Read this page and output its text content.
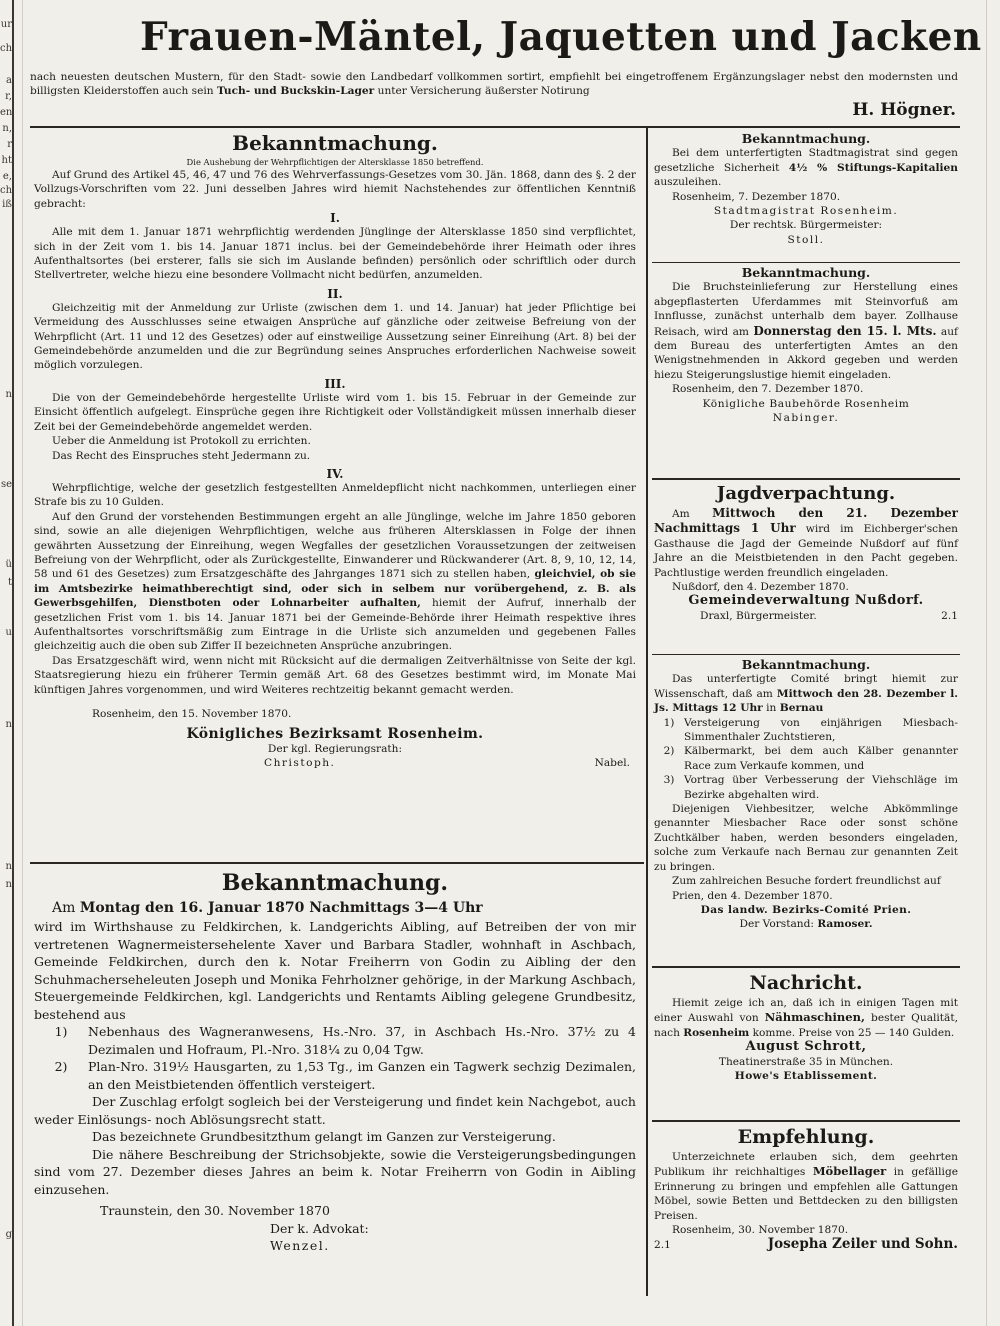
ur
ch
a
r,
en
n,
r
ht
e,
ch
iß
n
se
ü
t
u
n
n
n
g
Frauen-Mäntel, Jaquetten und Jacken
nach neuesten deutschen Mustern, für den Stadt- sowie den Landbedarf vollkommen sortirt, empfiehlt bei eingetroffenem Ergänzungslager nebst den modernsten und billigsten Kleiderstoffen auch sein Tuch- und Buckskin-Lager unter Versicherung äußerster Notirung
H. Högner.
Bekanntmachung.
Die Aushebung der Wehrpflichtigen der Altersklasse 1850 betreffend.

Auf Grund des Artikel 45, 46, 47 und 76 des Wehrverfassungs-Gesetzes vom 30. Jän. 1868, dann des §. 2 der Vollzugs-Vorschriften vom 22. Juni desselben Jahres wird hiemit Nachstehendes zur öffentlichen Kenntniß gebracht:

I.

Alle mit dem 1. Januar 1871 wehrpflichtig werdenden Jünglinge der Altersklasse 1850 sind verpflichtet, sich in der Zeit vom 1. bis 14. Januar 1871 inclus. bei der Gemeindebehörde ihrer Heimath oder ihres Aufenthaltsortes (bei ersterer, falls sie sich im Auslande befinden) persönlich oder schriftlich oder durch Stellvertreter, welche hiezu eine besondere Vollmacht nicht bedürfen, anzumelden.

II.

Gleichzeitig mit der Anmeldung zur Urliste (zwischen dem 1. und 14. Januar) hat jeder Pflichtige bei Vermeidung des Ausschlusses seine etwaigen Ansprüche auf gänzliche oder zeitweise Befreiung von der Wehrpflicht (Art. 11 und 12 des Gesetzes) oder auf einstweilige Aussetzung seiner Einreihung (Art. 8) bei der Gemeindebehörde anzumelden und die zur Begründung seines Anspruches erforderlichen Nachweise soweit möglich vorzulegen.

III.

Die von der Gemeindebehörde hergestellte Urliste wird vom 1. bis 15. Februar in der Gemeinde zur Einsicht öffentlich aufgelegt. Einsprüche gegen ihre Richtigkeit oder Vollständigkeit müssen innerhalb dieser Zeit bei der Gemeindebehörde angemeldet werden.

Ueber die Anmeldung ist Protokoll zu errichten.

Das Recht des Einspruches steht Jedermann zu.

IV.

Wehrpflichtige, welche der gesetzlich festgestellten Anmeldepflicht nicht nachkommen, unterliegen einer Strafe bis zu 10 Gulden.

Auf den Grund der vorstehenden Bestimmungen ergeht an alle Jünglinge, welche im Jahre 1850 geboren sind, sowie an alle diejenigen Wehrpflichtigen, welche aus früheren Altersklassen in Folge der ihnen gewährten Aussetzung der Einreihung, wegen Wegfalles der gesetzlichen Voraussetzungen der zeitweisen Befreiung von der Wehrpflicht, oder als Zurückgestellte, Einwanderer und Rückwanderer (Art. 8, 9, 10, 12, 14, 58 und 61 des Gesetzes) zum Ersatzgeschäfte des Jahrganges 1871 sich zu stellen haben, gleichviel, ob sie im Amtsbezirke heimathberechtigt sind, oder sich in selbem nur vorübergehend, z. B. als Gewerbsgehilfen, Dienstboten oder Lohnarbeiter aufhalten, hiemit der Aufruf, innerhalb der gesetzlichen Frist vom 1. bis 14. Januar 1871 bei der Gemeinde-Behörde ihrer Heimath respektive ihres Aufenthaltsortes vorschriftsmäßig zum Eintrage in die Urliste sich anzumelden und gegebenen Falles gleichzeitig auch die oben sub Ziffer II bezeichneten Ansprüche anzubringen.

Das Ersatzgeschäft wird, wenn nicht mit Rücksicht auf die dermaligen Zeitverhältnisse von Seite der kgl. Staatsregierung hiezu ein früherer Termin gemäß Art. 68 des Gesetzes bestimmt wird, im Monate Mai künftigen Jahres vorgenommen, und wird Weiteres rechtzeitig bekannt gemacht werden.

Rosenheim, den 15. November 1870.

Königliches Bezirksamt Rosenheim.
Der kgl. Regierungsrath:
Christoph.	Nabel.
Bekanntmachung.

Am Montag den 16. Januar 1870 Nachmittags 3—4 Uhr

wird im Wirthshause zu Feldkirchen, k. Landgerichts Aibling, auf Betreiben der von mir vertretenen Wagnermeistersehelente Xaver und Barbara Stadler, wohnhaft in Aschbach, Gemeinde Feldkirchen, durch den k. Notar Freiherrn von Godin zu Aibling der den Schuhmacherseheleuten Joseph und Monika Fehrholzner gehörige, in der Markung Aschbach, Steuergemeinde Feldkirchen, kgl. Landgerichts und Rentamts Aibling gelegene Grundbesitz, bestehend aus

1)	Nebenhaus des Wagneranwesens, Hs.-Nro. 37, in Aschbach Hs.-Nro. 37½ zu 4 Dezimalen und Hofraum, Pl.-Nro. 318¼ zu 0,04 Tgw.
2)	Plan-Nro. 319½ Hausgarten, zu 1,53 Tg., im Ganzen ein Tagwerk sechzig Dezimalen, an den Meistbietenden öffentlich versteigert.

Der Zuschlag erfolgt sogleich bei der Versteigerung und findet kein Nachgebot, auch weder Einlösungs- noch Ablösungsrecht statt.

Das bezeichnete Grundbesitzthum gelangt im Ganzen zur Versteigerung.

Die nähere Beschreibung der Strichsobjekte, sowie die Versteigerungsbedingungen sind vom 27. Dezember dieses Jahres an beim k. Notar Freiherrn von Godin in Aibling einzusehen.

Traunstein, den 30. November 1870

Der k. Advokat:

Wenzel.

Bekanntmachung.

Bei dem unterfertigten Stadtmagistrat sind gegen gesetzliche Sicherheit 4½ % Stiftungs-Kapitalien auszuleihen.

Rosenheim, 7. Dezember 1870.

Stadtmagistrat Rosenheim.
Der rechtsk. Bürgermeister:
Stoll.
Bekanntmachung.

Die Bruchsteinlieferung zur Herstellung eines abgepflasterten Uferdammes mit Steinvorfuß am Innflusse, zunächst unterhalb dem bayer. Zollhause Reisach, wird am Donnerstag den 15. l. Mts. auf dem Bureau des unterfertigten Amtes an den Wenigstnehmenden in Akkord gegeben und werden hiezu Steigerungslustige hiemit eingeladen.

Rosenheim, den 7. Dezember 1870.

Königliche Baubehörde Rosenheim
Nabinger.
Jagdverpachtung.

Am Mittwoch den 21. Dezember Nachmittags 1 Uhr wird im Eichberger'schen Gasthause die Jagd der Gemeinde Nußdorf auf fünf Jahre an die Meistbietenden in den Pacht gegeben. Pachtlustige werden freundlich eingeladen.

Nußdorf, den 4. Dezember 1870.

Gemeindeverwaltung Nußdorf.
Draxl, Bürgermeister.	2.1
Bekanntmachung.

Das unterfertigte Comité bringt hiemit zur Wissenschaft, daß am Mittwoch den 28. Dezember l. Js. Mittags 12 Uhr in Bernau

1) Versteigerung von einjährigen Miesbach-Simmenthaler Zuchtstieren,
2) Kälbermarkt, bei dem auch Kälber genannter Race zum Verkaufe kommen, und
3) Vortrag über Verbesserung der Viehschläge im Bezirke abgehalten wird.

Diejenigen Viehbesitzer, welche Abkömmlinge genannter Miesbacher Race oder sonst schöne Zuchtkälber haben, werden besonders eingeladen, solche zum Verkaufe nach Bernau zur genannten Zeit zu bringen.

Zum zahlreichen Besuche fordert freundlichst auf

Prien, den 4. Dezember 1870.

Das landw. Bezirks-Comité Prien.
Der Vorstand: Ramoser.
Nachricht.

Hiemit zeige ich an, daß ich in einigen Tagen mit einer Auswahl von Nähmaschinen, bester Qualität, nach Rosenheim komme. Preise von 25 — 140 Gulden.

August Schrott,
Theatinerstraße 35 in München.
Howe's Etablissement.
Empfehlung.

Unterzeichnete erlauben sich, dem geehrten Publikum ihr reichhaltiges Möbellager in gefällige Erinnerung zu bringen und empfehlen alle Gattungen Möbel, sowie Betten und Bettdecken zu den billigsten Preisen.

Rosenheim, 30. November 1870.

2.1	Josepha Zeiler und Sohn.
